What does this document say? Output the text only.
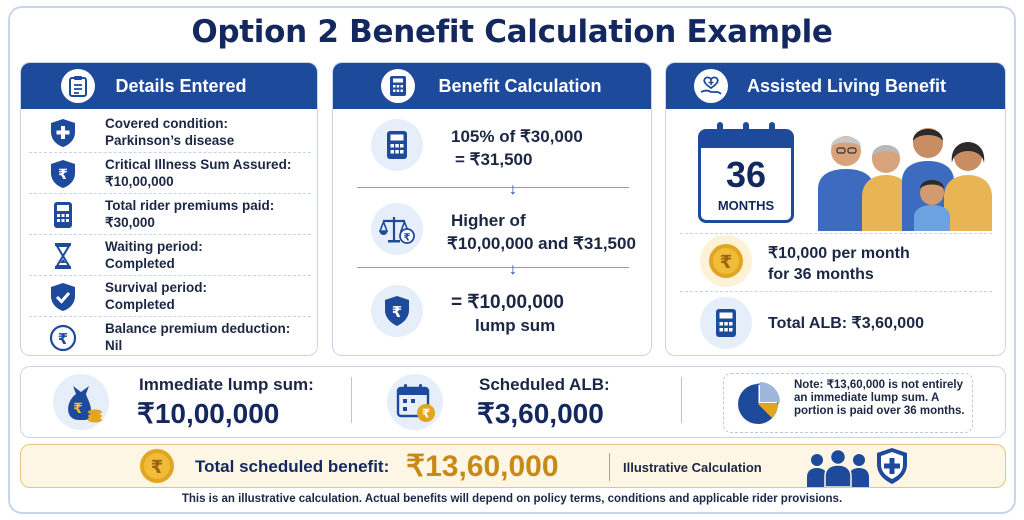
Option 2 Benefit Calculation Example
Details Entered
Covered condition:
Parkinson’s disease
₹
Critical Illness Sum Assured:
₹10,00,000
Total rider premiums paid:
₹30,000
Waiting period:
Completed
Survival period:
Completed
₹
Balance premium deduction:
Nil
Benefit Calculation
105% of ₹30,000
= ₹31,500
↓
₹
Higher of
₹10,00,000 and ₹31,500
↓
₹	= ₹10,00,000
lump sum
Assisted Living Benefit
36
MONTHS
₹ ₹10,000 per month
for 36 months
Total ALB: ₹3,60,000
₹
Immediate lump sum:
₹10,00,000	₹
Scheduled ALB:
₹3,60,000
Note: ₹13,60,000 is not entirely an immediate lump sum. A portion is paid over 36 months.
₹ Total scheduled benefit: ₹13,60,000	Illustrative Calculation
This is an illustrative calculation. Actual benefits will depend on policy terms, conditions and applicable rider provisions.
